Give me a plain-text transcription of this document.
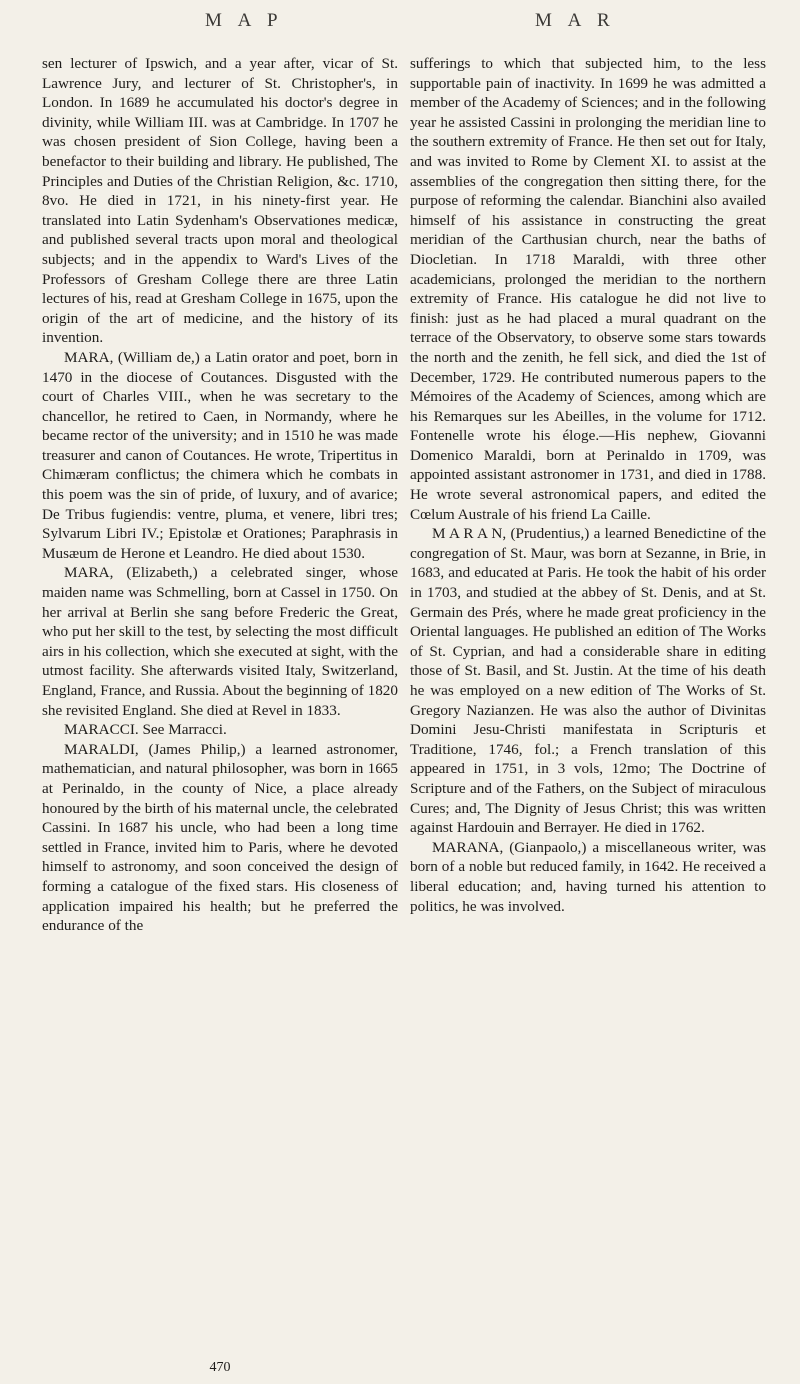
M A P	M A R

sen lecturer of Ipswich, and a year after, vicar of St. Lawrence Jury, and lecturer of St. Christopher's, in London. In 1689 he accumulated his doctor's degree in divinity, while William III. was at Cambridge. In 1707 he was chosen president of Sion College, having been a benefactor to their building and library. He published, The Principles and Duties of the Christian Religion, &c. 1710, 8vo. He died in 1721, in his ninety-first year. He translated into Latin Sydenham's Observationes medicæ, and published several tracts upon moral and theological subjects; and in the appendix to Ward's Lives of the Professors of Gresham College there are three Latin lectures of his, read at Gresham College in 1675, upon the origin of the art of medicine, and the history of its invention.

MARA, (William de,) a Latin orator and poet, born in 1470 in the diocese of Coutances. Disgusted with the court of Charles VIII., when he was secretary to the chancellor, he retired to Caen, in Normandy, where he became rector of the university; and in 1510 he was made treasurer and canon of Coutances. He wrote, Tripertitus in Chimæram conflictus; the chimera which he combats in this poem was the sin of pride, of luxury, and of avarice; De Tribus fugiendis: ventre, pluma, et venere, libri tres; Sylvarum Libri IV.; Epistolæ et Orationes; Paraphrasis in Musæum de Herone et Leandro. He died about 1530.

MARA, (Elizabeth,) a celebrated singer, whose maiden name was Schmelling, born at Cassel in 1750. On her arrival at Berlin she sang before Frederic the Great, who put her skill to the test, by selecting the most difficult airs in his collection, which she executed at sight, with the utmost facility. She afterwards visited Italy, Switzerland, England, France, and Russia. About the beginning of 1820 she revisited England. She died at Revel in 1833.

MARACCI. See Marracci.

MARALDI, (James Philip,) a learned astronomer, mathematician, and natural philosopher, was born in 1665 at Perinaldo, in the county of Nice, a place already honoured by the birth of his maternal uncle, the celebrated Cassini. In 1687 his uncle, who had been a long time settled in France, invited him to Paris, where he devoted himself to astronomy, and soon conceived the design of forming a catalogue of the fixed stars. His closeness of application impaired his health; but he preferred the endurance of the

sufferings to which that subjected him, to the less supportable pain of inactivity. In 1699 he was admitted a member of the Academy of Sciences; and in the following year he assisted Cassini in prolonging the meridian line to the southern extremity of France. He then set out for Italy, and was invited to Rome by Clement XI. to assist at the assemblies of the congregation then sitting there, for the purpose of reforming the calendar. Bianchini also availed himself of his assistance in constructing the great meridian of the Carthusian church, near the baths of Diocletian. In 1718 Maraldi, with three other academicians, prolonged the meridian to the northern extremity of France. His catalogue he did not live to finish: just as he had placed a mural quadrant on the terrace of the Observatory, to observe some stars towards the north and the zenith, he fell sick, and died the 1st of December, 1729. He contributed numerous papers to the Mémoires of the Academy of Sciences, among which are his Remarques sur les Abeilles, in the volume for 1712. Fontenelle wrote his éloge.—His nephew, Giovanni Domenico Maraldi, born at Perinaldo in 1709, was appointed assistant astronomer in 1731, and died in 1788. He wrote several astronomical papers, and edited the Cœlum Australe of his friend La Caille.

M A R A N, (Prudentius,) a learned Benedictine of the congregation of St. Maur, was born at Sezanne, in Brie, in 1683, and educated at Paris. He took the habit of his order in 1703, and studied at the abbey of St. Denis, and at St. Germain des Prés, where he made great proficiency in the Oriental languages. He published an edition of The Works of St. Cyprian, and had a considerable share in editing those of St. Basil, and St. Justin. At the time of his death he was employed on a new edition of The Works of St. Gregory Nazianzen. He was also the author of Divinitas Domini Jesu-Christi manifestata in Scripturis et Traditione, 1746, fol.; a French translation of this appeared in 1751, in 3 vols, 12mo; The Doctrine of Scripture and of the Fathers, on the Subject of miraculous Cures; and, The Dignity of Jesus Christ; this was written against Hardouin and Berrayer. He died in 1762.

MARANA, (Gianpaolo,) a miscellaneous writer, was born of a noble but reduced family, in 1642. He received a liberal education; and, having turned his attention to politics, he was involved.

470
